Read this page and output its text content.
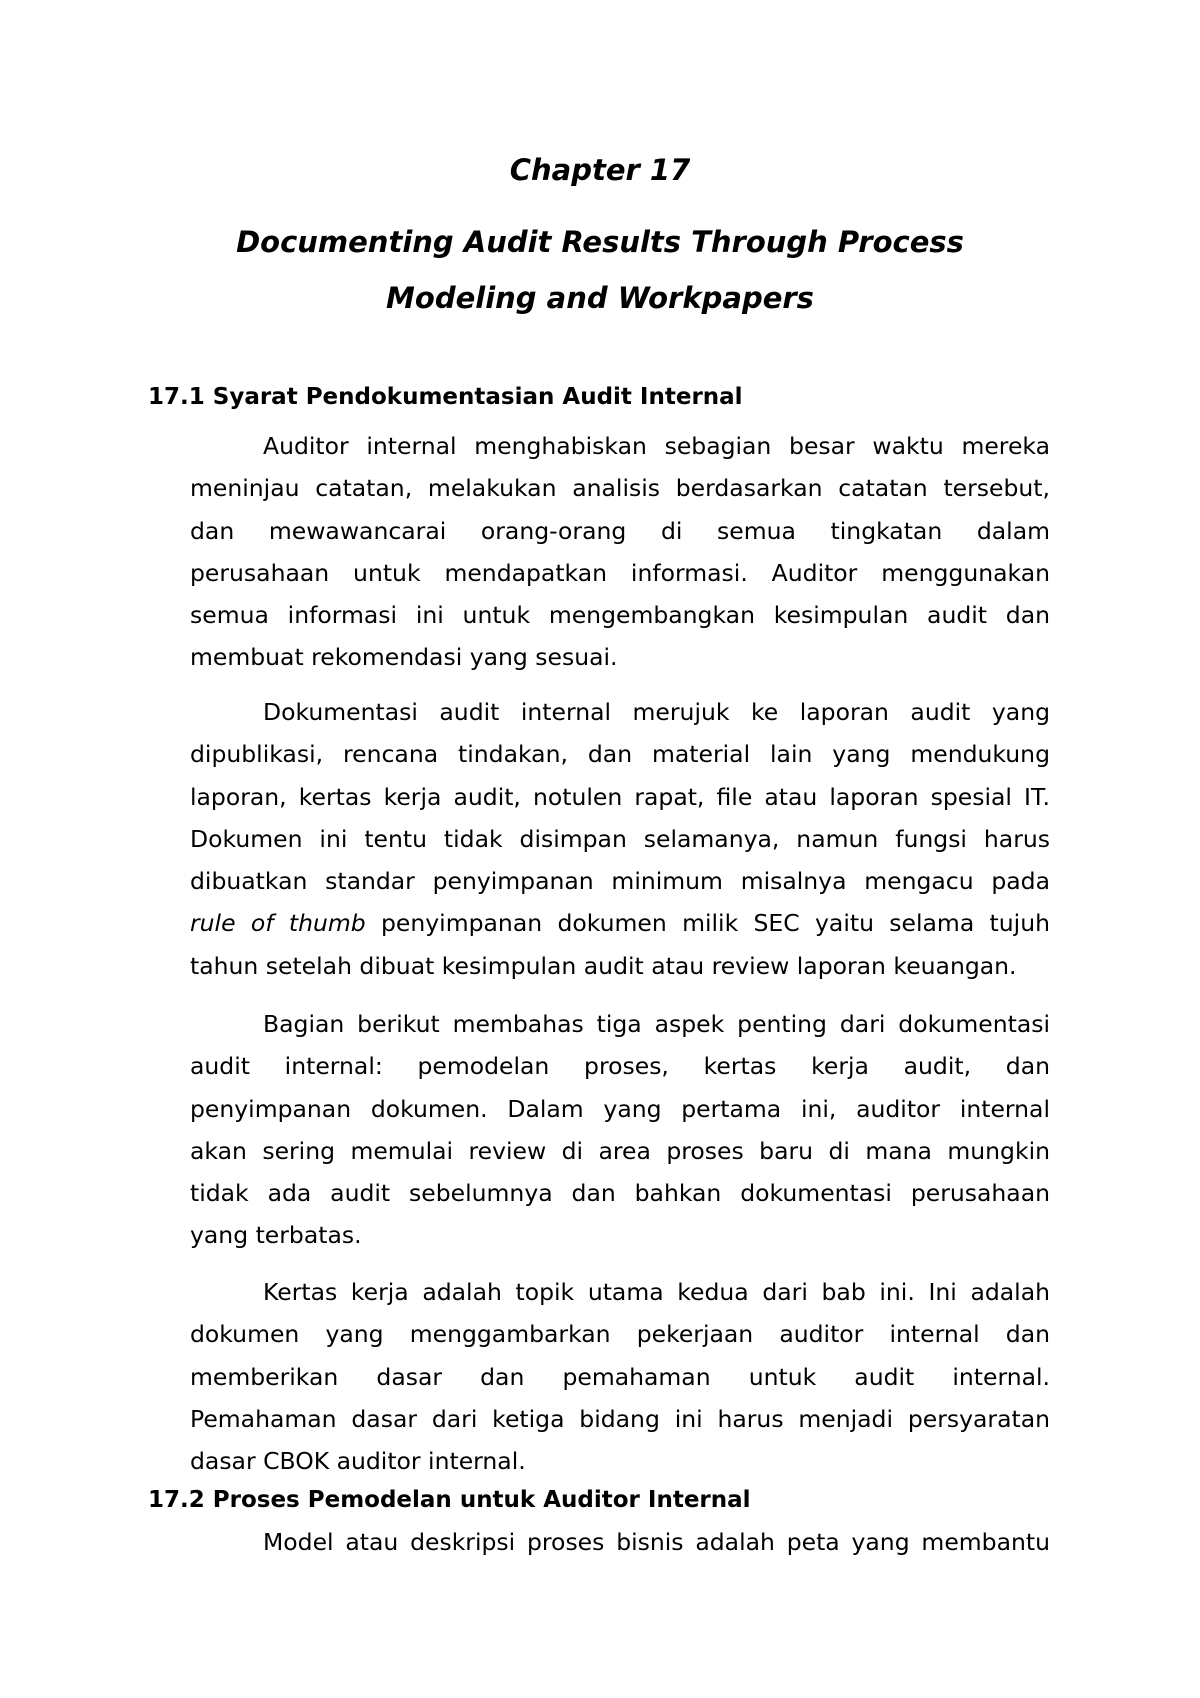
Chapter 17
Documenting Audit Results Through Process
Modeling and Workpapers
17.1 Syarat Pendokumentasian Audit Internal
Auditor internal menghabiskan sebagian besar waktu mereka
meninjau catatan, melakukan analisis berdasarkan catatan tersebut,
dan mewawancarai orang-orang di semua tingkatan dalam
perusahaan untuk mendapatkan informasi. Auditor menggunakan
semua informasi ini untuk mengembangkan kesimpulan audit dan
membuat rekomendasi yang sesuai.
Dokumentasi audit internal merujuk ke laporan audit yang
dipublikasi, rencana tindakan, dan material lain yang mendukung
laporan, kertas kerja audit, notulen rapat, file atau laporan spesial IT.
Dokumen ini tentu tidak disimpan selamanya, namun fungsi harus
dibuatkan standar penyimpanan minimum misalnya mengacu pada
rule of thumb penyimpanan dokumen milik SEC yaitu selama tujuh
tahun setelah dibuat kesimpulan audit atau review laporan keuangan.
Bagian berikut membahas tiga aspek penting dari dokumentasi
audit internal: pemodelan proses, kertas kerja audit, dan
penyimpanan dokumen. Dalam yang pertama ini, auditor internal
akan sering memulai review di area proses baru di mana mungkin
tidak ada audit sebelumnya dan bahkan dokumentasi perusahaan
yang terbatas.
Kertas kerja adalah topik utama kedua dari bab ini. Ini adalah
dokumen yang menggambarkan pekerjaan auditor internal dan
memberikan dasar dan pemahaman untuk audit internal.
Pemahaman dasar dari ketiga bidang ini harus menjadi persyaratan
dasar CBOK auditor internal.
17.2 Proses Pemodelan untuk Auditor Internal
Model atau deskripsi proses bisnis adalah peta yang membantu
